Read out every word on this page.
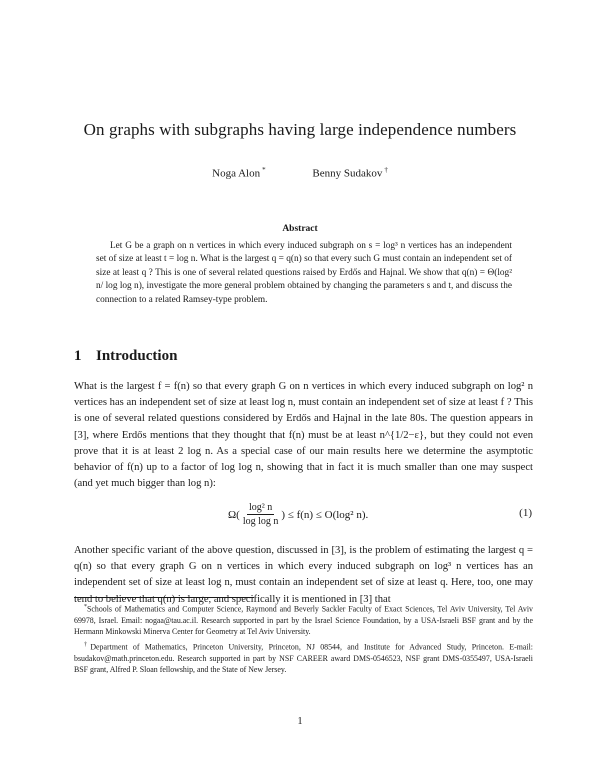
On graphs with subgraphs having large independence numbers
Noga Alon *	Benny Sudakov †
Abstract

Let G be a graph on n vertices in which every induced subgraph on s = log³ n vertices has an independent set of size at least t = log n. What is the largest q = q(n) so that every such G must contain an independent set of size at least q ? This is one of several related questions raised by Erdős and Hajnal. We show that q(n) = Θ(log² n/ log log n), investigate the more general problem obtained by changing the parameters s and t, and discuss the connection to a related Ramsey-type problem.

1 Introduction

What is the largest f = f(n) so that every graph G on n vertices in which every induced subgraph on log² n vertices has an independent set of size at least log n, must contain an independent set of size at least f ? This is one of several related questions considered by Erdős and Hajnal in the late 80s. The question appears in [3], where Erdős mentions that they thought that f(n) must be at least n^{1/2−ε}, but they could not even prove that it is at least 2 log n. As a special case of our main results here we determine the asymptotic behavior of f(n) up to a factor of log log n, showing that in fact it is much smaller than one may suspect (and yet much bigger than log n):

$\Omega( \frac{\text{log² n}}{\text{log log n}}$ ) ≤ f(n) ≤ O(log² n).	(1)

Another specific variant of the above question, discussed in [3], is the problem of estimating the largest q = q(n) so that every graph G on n vertices in which every induced subgraph on log³ n vertices has an independent set of size at least log n, must contain an independent set of size at least q. Here, too, one may tend to believe that q(n) is large, and specifically it is mentioned in [3] that

*Schools of Mathematics and Computer Science, Raymond and Beverly Sackler Faculty of Exact Sciences, Tel Aviv University, Tel Aviv 69978, Israel. Email: nogaa@tau.ac.il. Research supported in part by the Israel Science Foundation, by a USA-Israeli BSF grant and by the Hermann Minkowski Minerva Center for Geometry at Tel Aviv University.

†Department of Mathematics, Princeton University, Princeton, NJ 08544, and Institute for Advanced Study, Princeton. E-mail: bsudakov@math.princeton.edu. Research supported in part by NSF CAREER award DMS-0546523, NSF grant DMS-0355497, USA-Israeli BSF grant, Alfred P. Sloan fellowship, and the State of New Jersey.

1
